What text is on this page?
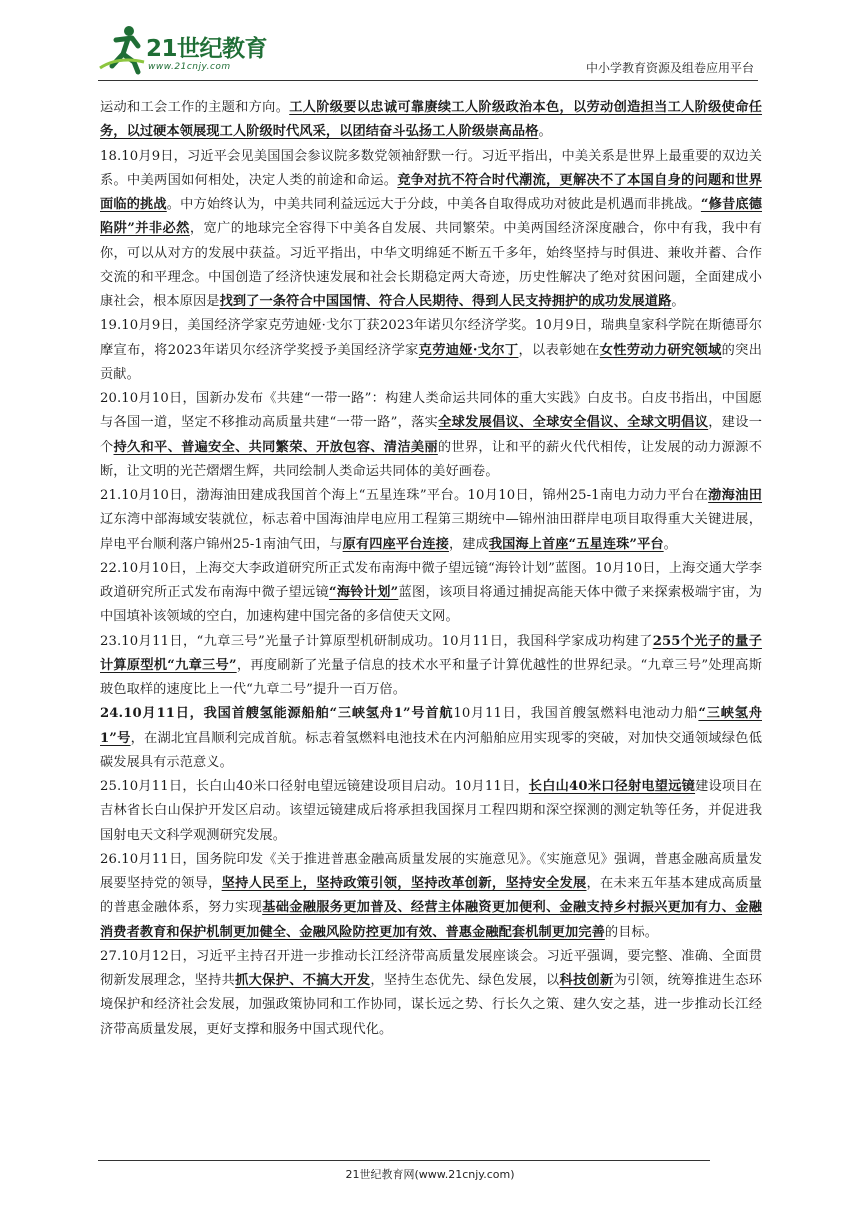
21世纪教育
www.21cnjy.com	中小学教育资源及组卷应用平台

运动和工会工作的主题和方向。工人阶级要以忠诚可靠赓续工人阶级政治本色，以劳动创造担当工人阶级使命任务，以过硬本领展现工人阶级时代风采，以团结奋斗弘扬工人阶级崇高品格。

18.10月9日，习近平会见美国国会参议院多数党领袖舒默一行。习近平指出，中美关系是世界上最重要的双边关系。中美两国如何相处，决定人类的前途和命运。竞争对抗不符合时代潮流，更解决不了本国自身的问题和世界面临的挑战。中方始终认为，中美共同利益远远大于分歧，中美各自取得成功对彼此是机遇而非挑战。“修昔底德陷阱”并非必然，宽广的地球完全容得下中美各自发展、共同繁荣。中美两国经济深度融合，你中有我，我中有你，可以从对方的发展中获益。习近平指出，中华文明绵延不断五千多年，始终坚持与时俱进、兼收并蓄、合作交流的和平理念。中国创造了经济快速发展和社会长期稳定两大奇迹，历史性解决了绝对贫困问题，全面建成小康社会，根本原因是找到了一条符合中国国情、符合人民期待、得到人民支持拥护的成功发展道路。

19.10月9日，美国经济学家克劳迪娅·戈尔丁获2023年诺贝尔经济学奖。10月9日，瑞典皇家科学院在斯德哥尔摩宣布，将2023年诺贝尔经济学奖授予美国经济学家克劳迪娅·戈尔丁，以表彰她在女性劳动力研究领域的突出贡献。

20.10月10日，国新办发布《共建“一带一路”：构建人类命运共同体的重大实践》白皮书。白皮书指出，中国愿与各国一道，坚定不移推动高质量共建“一带一路”，落实全球发展倡议、全球安全倡议、全球文明倡议，建设一个持久和平、普遍安全、共同繁荣、开放包容、清洁美丽的世界，让和平的薪火代代相传，让发展的动力源源不断，让文明的光芒熠熠生辉，共同绘制人类命运共同体的美好画卷。

21.10月10日，渤海油田建成我国首个海上“五星连珠”平台。10月10日，锦州25-1南电力动力平台在渤海油田辽东湾中部海域安装就位，标志着中国海油岸电应用工程第三期统中—锦州油田群岸电项目取得重大关键进展，岸电平台顺利落户锦州25-1南油气田，与原有四座平台连接，建成我国海上首座“五星连珠”平台。

22.10月10日，上海交大李政道研究所正式发布南海中微子望远镜“海铃计划”蓝图。10月10日，上海交通大学李政道研究所正式发布南海中微子望远镜“海铃计划”蓝图，该项目将通过捕捉高能天体中微子来探索极端宇宙，为中国填补该领域的空白，加速构建中国完备的多信使天文网。

23.10月11日，“九章三号”光量子计算原型机研制成功。10月11日，我国科学家成功构建了255个光子的量子计算原型机“九章三号”，再度刷新了光量子信息的技术水平和量子计算优越性的世界纪录。“九章三号”处理高斯玻色取样的速度比上一代“九章二号”提升一百万倍。

24.10月11日，我国首艘氢能源船舶“三峡氢舟1”号首航10月11日，我国首艘氢燃料电池动力船“三峡氢舟1”号，在湖北宜昌顺利完成首航。标志着氢燃料电池技术在内河船舶应用实现零的突破，对加快交通领域绿色低碳发展具有示范意义。

25.10月11日，长白山40米口径射电望远镜建设项目启动。10月11日，长白山40米口径射电望远镜建设项目在吉林省长白山保护开发区启动。该望远镜建成后将承担我国探月工程四期和深空探测的测定轨等任务，并促进我国射电天文科学观测研究发展。

26.10月11日，国务院印发《关于推进普惠金融高质量发展的实施意见》。《实施意见》强调，普惠金融高质量发展要坚持党的领导，坚持人民至上，坚持政策引领，坚持改革创新，坚持安全发展，在未来五年基本建成高质量的普惠金融体系，努力实现基础金融服务更加普及、经营主体融资更加便利、金融支持乡村振兴更加有力、金融消费者教育和保护机制更加健全、金融风险防控更加有效、普惠金融配套机制更加完善的目标。

27.10月12日，习近平主持召开进一步推动长江经济带高质量发展座谈会。习近平强调，要完整、准确、全面贯彻新发展理念，坚持共抓大保护、不搞大开发，坚持生态优先、绿色发展，以科技创新为引领，统筹推进生态环境保护和经济社会发展，加强政策协同和工作协同，谋长远之势、行长久之策、建久安之基，进一步推动长江经济带高质量发展，更好支撑和服务中国式现代化。

21世纪教育网(www.21cnjy.com)
